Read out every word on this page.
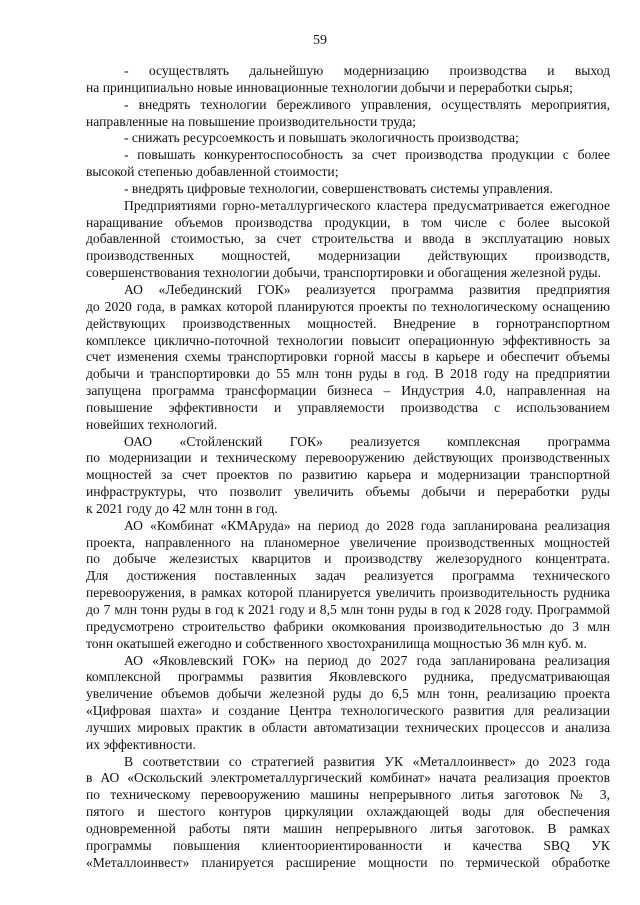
59
- осуществлять дальнейшую модернизацию производства и выход
на принципиально новые инновационные технологии добычи и переработки сырья;
- внедрять технологии бережливого управления, осуществлять мероприятия,
направленные на повышение производительности труда;
- снижать ресурсоемкость и повышать экологичность производства;
- повышать конкурентоспособность за счет производства продукции с более
высокой степенью добавленной стоимости;
- внедрять цифровые технологии, совершенствовать системы управления.
Предприятиями горно-металлургического кластера предусматривается ежегодное
наращивание объемов производства продукции, в том числе с более высокой
добавленной стоимостью, за счет строительства и ввода в эксплуатацию новых
производственных мощностей, модернизации действующих производств,
совершенствования технологии добычи, транспортировки и обогащения железной руды.
АО «Лебединский ГОК» реализуется программа развития предприятия
до 2020 года, в рамках которой планируются проекты по технологическому оснащению
действующих производственных мощностей. Внедрение в горнотранспортном
комплексе циклично-поточной технологии повысит операционную эффективность за
счет изменения схемы транспортировки горной массы в карьере и обеспечит объемы
добычи и транспортировки до 55 млн тонн руды в год. В 2018 году на предприятии
запущена программа трансформации бизнеса – Индустрия 4.0, направленная на
повышение эффективности и управляемости производства с использованием
новейших технологий.
ОАО «Стойленский ГОК» реализуется комплексная программа
по модернизации и техническому перевооружению действующих производственных
мощностей за счет проектов по развитию карьера и модернизации транспортной
инфраструктуры, что позволит увеличить объемы добычи и переработки руды
к 2021 году до 42 млн тонн в год.
АО «Комбинат «КМАруда» на период до 2028 года запланирована реализация
проекта, направленного на планомерное увеличение производственных мощностей
по добыче железистых кварцитов и производству железорудного концентрата.
Для достижения поставленных задач реализуется программа технического
перевооружения, в рамках которой планируется увеличить производительность рудника
до 7 млн тонн руды в год к 2021 году и 8,5 млн тонн руды в год к 2028 году. Программой
предусмотрено строительство фабрики окомкования производительностью до 3 млн
тонн окатышей ежегодно и собственного хвостохранилища мощностью 36 млн куб. м.
АО «Яковлевский ГОК» на период до 2027 года запланирована реализация
комплексной программы развития Яковлевского рудника, предусматривающая
увеличение объемов добычи железной руды до 6,5 млн тонн, реализацию проекта
«Цифровая шахта» и создание Центра технологического развития для реализации
лучших мировых практик в области автоматизации технических процессов и анализа
их эффективности.
В соответствии со стратегией развития УК «Металлоинвест» до 2023 года
в АО «Оскольский электрометаллургический комбинат» начата реализация проектов
по техническому перевооружению машины непрерывного литья заготовок № 3,
пятого и шестого контуров циркуляции охлаждающей воды для обеспечения
одновременной работы пяти машин непрерывного литья заготовок. В рамках
программы повышения клиентоориентированности и качества SBQ УК
«Металлоинвест» планируется расширение мощности по термической обработке
